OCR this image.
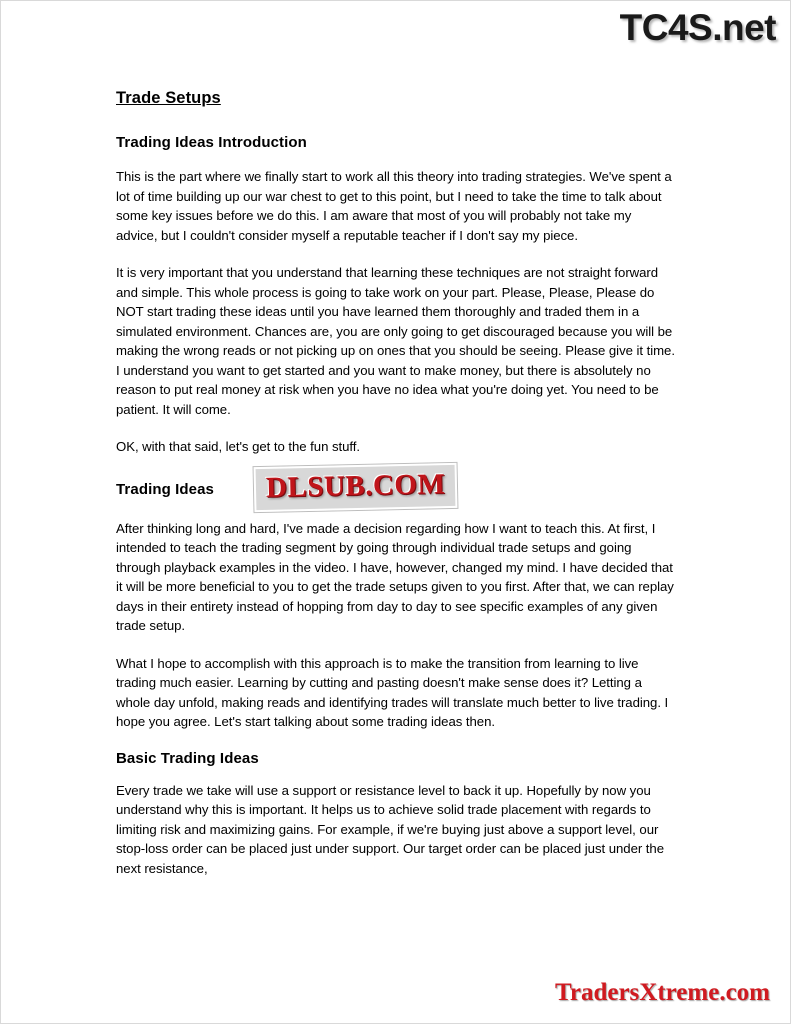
TC4S.net
Trade Setups
Trading Ideas Introduction

This is the part where we finally start to work all this theory into trading strategies. We've spent a lot of time building up our war chest to get to this point, but I need to take the time to talk about some key issues before we do this. I am aware that most of you will probably not take my advice, but I couldn't consider myself a reputable teacher if I don't say my piece.

It is very important that you understand that learning these techniques are not straight forward and simple. This whole process is going to take work on your part. Please, Please, Please do NOT start trading these ideas until you have learned them thoroughly and traded them in a simulated environment. Chances are, you are only going to get discouraged because you will be making the wrong reads or not picking up on ones that you should be seeing. Please give it time. I understand you want to get started and you want to make money, but there is absolutely no reason to put real money at risk when you have no idea what you're doing yet. You need to be patient. It will come.

OK, with that said, let's get to the fun stuff.

Trading Ideas	DLSUB.COM

After thinking long and hard, I've made a decision regarding how I want to teach this. At first, I intended to teach the trading segment by going through individual trade setups and going through playback examples in the video. I have, however, changed my mind. I have decided that it will be more beneficial to you to get the trade setups given to you first. After that, we can replay days in their entirety instead of hopping from day to day to see specific examples of any given trade setup.

What I hope to accomplish with this approach is to make the transition from learning to live trading much easier. Learning by cutting and pasting doesn't make sense does it? Letting a whole day unfold, making reads and identifying trades will translate much better to live trading. I hope you agree. Let's start talking about some trading ideas then.

Basic Trading Ideas

Every trade we take will use a support or resistance level to back it up. Hopefully by now you understand why this is important. It helps us to achieve solid trade placement with regards to limiting risk and maximizing gains. For example, if we're buying just above a support level, our stop-loss order can be placed just under support. Our target order can be placed just under the next resistance,

TradersXtreme.com
